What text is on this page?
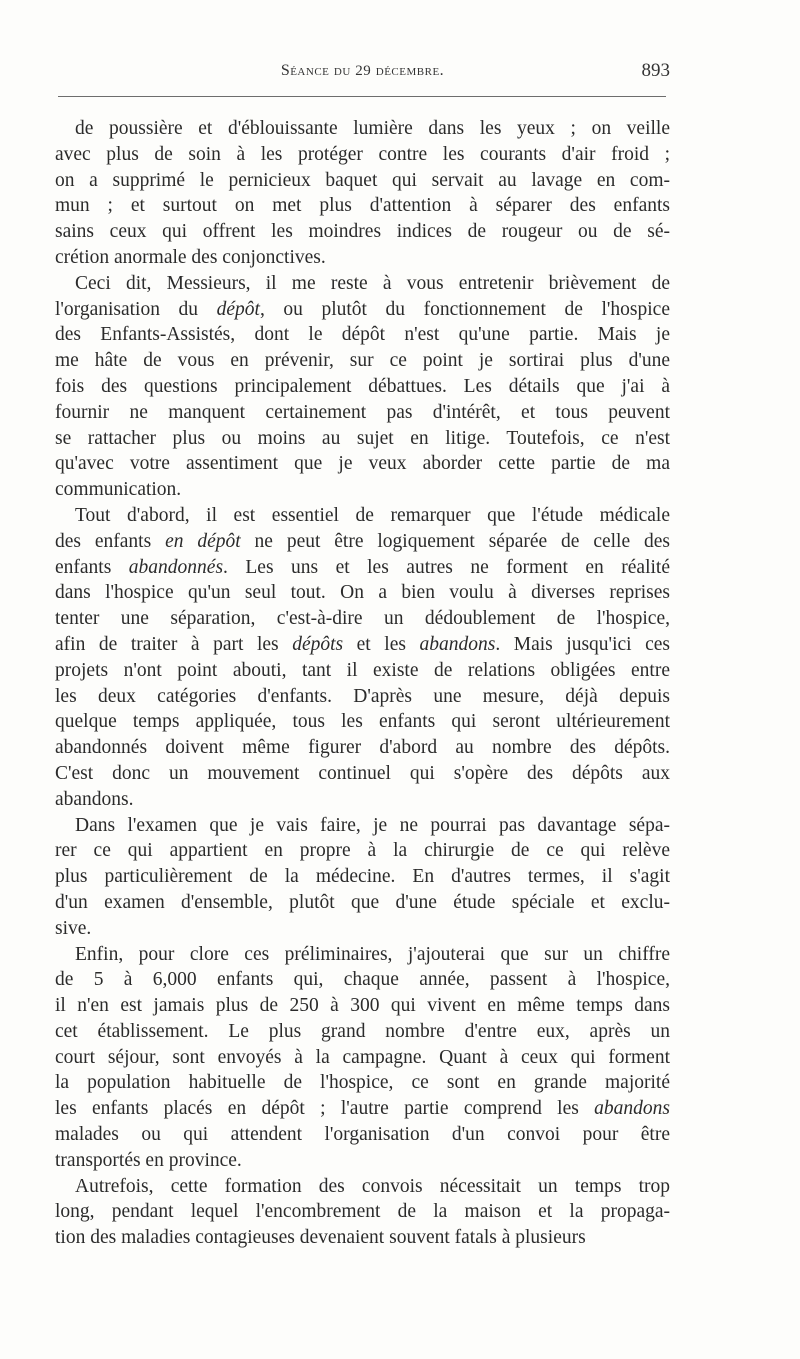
Séance du 29 décembre.	893
de poussière et d'éblouissante lumière dans les yeux ; on veille
avec plus de soin à les protéger contre les courants d'air froid ;
on a supprimé le pernicieux baquet qui servait au lavage en com-
mun ; et surtout on met plus d'attention à séparer des enfants
sains ceux qui offrent les moindres indices de rougeur ou de sé-
crétion anormale des conjonctives.
Ceci dit, Messieurs, il me reste à vous entretenir brièvement de
l'organisation du dépôt, ou plutôt du fonctionnement de l'hospice
des Enfants-Assistés, dont le dépôt n'est qu'une partie. Mais je
me hâte de vous en prévenir, sur ce point je sortirai plus d'une
fois des questions principalement débattues. Les détails que j'ai à
fournir ne manquent certainement pas d'intérêt, et tous peuvent
se rattacher plus ou moins au sujet en litige. Toutefois, ce n'est
qu'avec votre assentiment que je veux aborder cette partie de ma
communication.
Tout d'abord, il est essentiel de remarquer que l'étude médicale
des enfants en dépôt ne peut être logiquement séparée de celle des
enfants abandonnés. Les uns et les autres ne forment en réalité
dans l'hospice qu'un seul tout. On a bien voulu à diverses reprises
tenter une séparation, c'est-à-dire un dédoublement de l'hospice,
afin de traiter à part les dépôts et les abandons. Mais jusqu'ici ces
projets n'ont point abouti, tant il existe de relations obligées entre
les deux catégories d'enfants. D'après une mesure, déjà depuis
quelque temps appliquée, tous les enfants qui seront ultérieurement
abandonnés doivent même figurer d'abord au nombre des dépôts.
C'est donc un mouvement continuel qui s'opère des dépôts aux
abandons.
Dans l'examen que je vais faire, je ne pourrai pas davantage sépa-
rer ce qui appartient en propre à la chirurgie de ce qui relève
plus particulièrement de la médecine. En d'autres termes, il s'agit
d'un examen d'ensemble, plutôt que d'une étude spéciale et exclu-
sive.
Enfin, pour clore ces préliminaires, j'ajouterai que sur un chiffre
de 5 à 6,000 enfants qui, chaque année, passent à l'hospice,
il n'en est jamais plus de 250 à 300 qui vivent en même temps dans
cet établissement. Le plus grand nombre d'entre eux, après un
court séjour, sont envoyés à la campagne. Quant à ceux qui forment
la population habituelle de l'hospice, ce sont en grande majorité
les enfants placés en dépôt ; l'autre partie comprend les abandons
malades ou qui attendent l'organisation d'un convoi pour être
transportés en province.
Autrefois, cette formation des convois nécessitait un temps trop
long, pendant lequel l'encombrement de la maison et la propaga-
tion des maladies contagieuses devenaient souvent fatals à plusieurs
